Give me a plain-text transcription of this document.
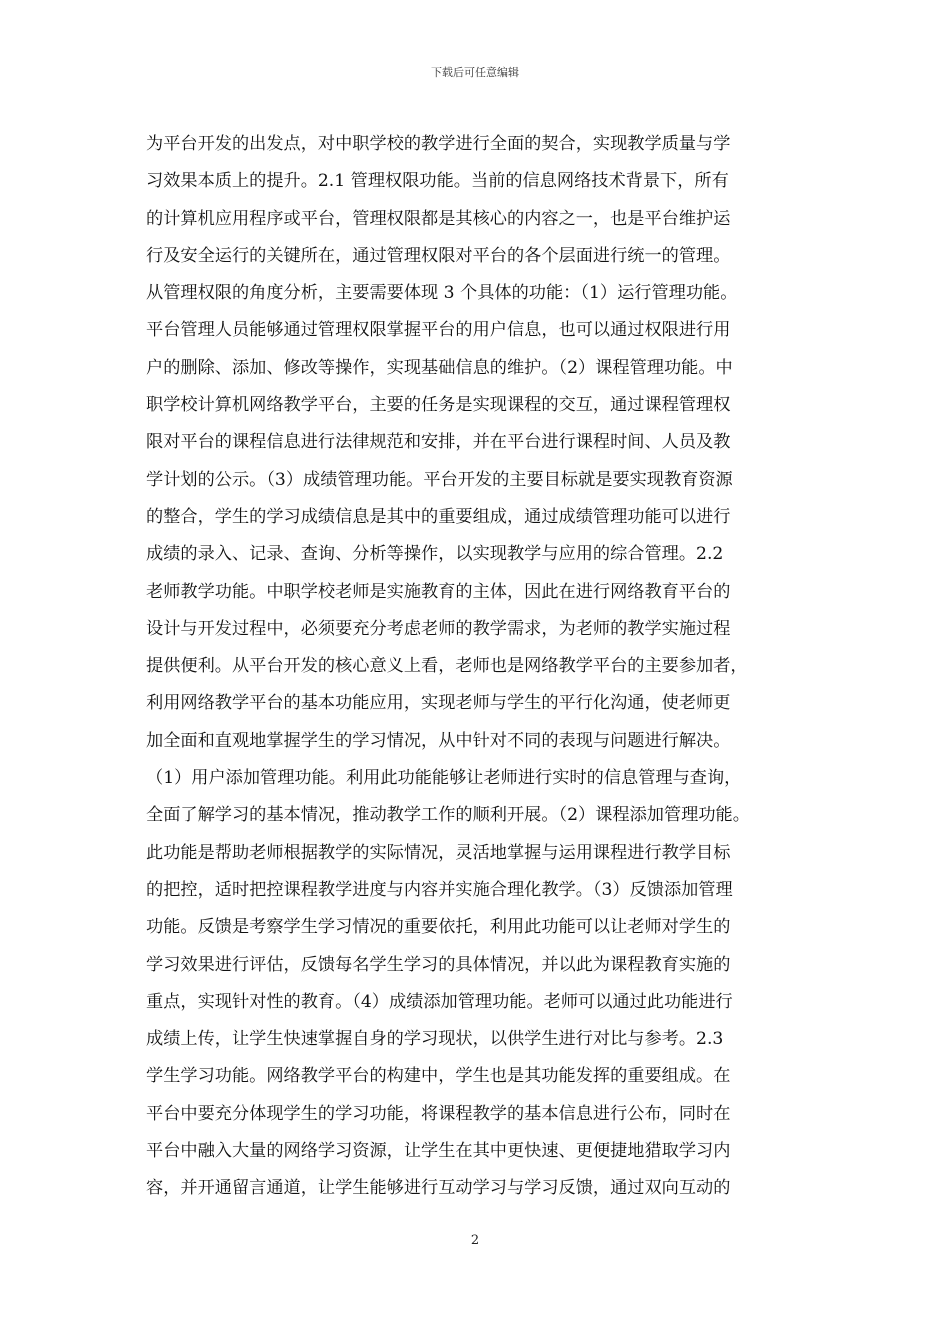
下载后可任意编辑
为平台开发的出发点，对中职学校的教学进行全面的契合，实现教学质量与学
习效果本质上的提升。2.1 管理权限功能。当前的信息网络技术背景下，所有
的计算机应用程序或平台，管理权限都是其核心的内容之一，也是平台维护运
行及安全运行的关键所在，通过管理权限对平台的各个层面进行统一的管理。
从管理权限的角度分析，主要需要体现 3 个具体的功能：（1）运行管理功能。
平台管理人员能够通过管理权限掌握平台的用户信息，也可以通过权限进行用
户的删除、添加、修改等操作，实现基础信息的维护。（2）课程管理功能。中
职学校计算机网络教学平台，主要的任务是实现课程的交互，通过课程管理权
限对平台的课程信息进行法律规范和安排，并在平台进行课程时间、人员及教
学计划的公示。（3）成绩管理功能。平台开发的主要目标就是要实现教育资源
的整合，学生的学习成绩信息是其中的重要组成，通过成绩管理功能可以进行
成绩的录入、记录、查询、分析等操作，以实现教学与应用的综合管理。2.2
老师教学功能。中职学校老师是实施教育的主体，因此在进行网络教育平台的
设计与开发过程中，必须要充分考虑老师的教学需求，为老师的教学实施过程
提供便利。从平台开发的核心意义上看，老师也是网络教学平台的主要参加者，
利用网络教学平台的基本功能应用，实现老师与学生的平行化沟通，使老师更
加全面和直观地掌握学生的学习情况，从中针对不同的表现与问题进行解决。
（1）用户添加管理功能。利用此功能能够让老师进行实时的信息管理与查询，
全面了解学习的基本情况，推动教学工作的顺利开展。（2）课程添加管理功能。
此功能是帮助老师根据教学的实际情况，灵活地掌握与运用课程进行教学目标
的把控，适时把控课程教学进度与内容并实施合理化教学。（3）反馈添加管理
功能。反馈是考察学生学习情况的重要依托，利用此功能可以让老师对学生的
学习效果进行评估，反馈每名学生学习的具体情况，并以此为课程教育实施的
重点，实现针对性的教育。（4）成绩添加管理功能。老师可以通过此功能进行
成绩上传，让学生快速掌握自身的学习现状，以供学生进行对比与参考。2.3
学生学习功能。网络教学平台的构建中，学生也是其功能发挥的重要组成。在
平台中要充分体现学生的学习功能，将课程教学的基本信息进行公布，同时在
平台中融入大量的网络学习资源，让学生在其中更快速、更便捷地猎取学习内
容，并开通留言通道，让学生能够进行互动学习与学习反馈，通过双向互动的
2
